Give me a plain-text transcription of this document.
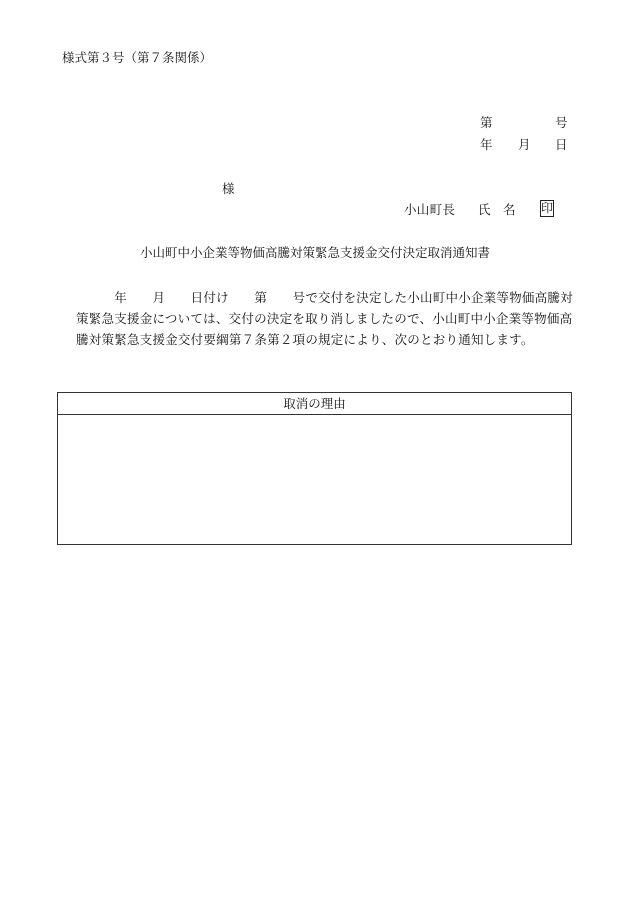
様式第３号（第７条関係）
第	号
年 月 日
様
小山町長 氏 名 印
小山町中小企業等物価高騰対策緊急支援金交付決定取消通知書
　　　年　　月　　日付け　　第　　号で交付を決定した小山町中小企業等物価高騰対
策緊急支援金については、交付の決定を取り消しましたので、小山町中小企業等物価高
騰対策緊急支援金交付要綱第７条第２項の規定により、次のとおり通知します。
取消の理由
